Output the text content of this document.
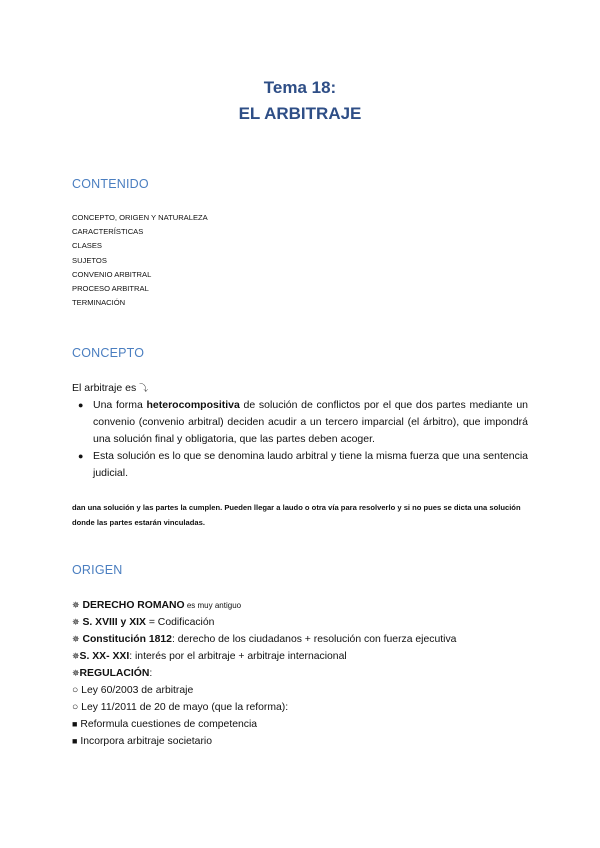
Tema 18:
EL ARBITRAJE
CONTENIDO
CONCEPTO, ORIGEN Y NATURALEZA
CARACTERÍSTICAS
CLASES
SUJETOS
CONVENIO ARBITRAL
PROCESO ARBITRAL
TERMINACIÓN
CONCEPTO
El arbitraje es ⤵
● Una forma heterocompositiva de solución de conflictos por el que dos partes mediante un convenio (convenio arbitral) deciden acudir a un tercero imparcial (el árbitro), que impondrá una solución final y obligatoria, que las partes deben acoger.
● Esta solución es lo que se denomina laudo arbitral y tiene la misma fuerza que una sentencia judicial.
dan una solución y las partes la cumplen. Pueden llegar a laudo o otra vía para resolverlo y si no pues se dicta una solución donde las partes estarán vinculadas.
ORIGEN
✵ DERECHO ROMANO es muy antiguo
✵ S. XVIII y XIX = Codificación
✵ Constitución 1812: derecho de los ciudadanos + resolución con fuerza ejecutiva
✵S. XX- XXI: interés por el arbitraje + arbitraje internacional
✵REGULACIÓN:
○ Ley 60/2003 de arbitraje
○ Ley 11/2011 de 20 de mayo (que la reforma):
■ Reformula cuestiones de competencia
■ Incorpora arbitraje societario
